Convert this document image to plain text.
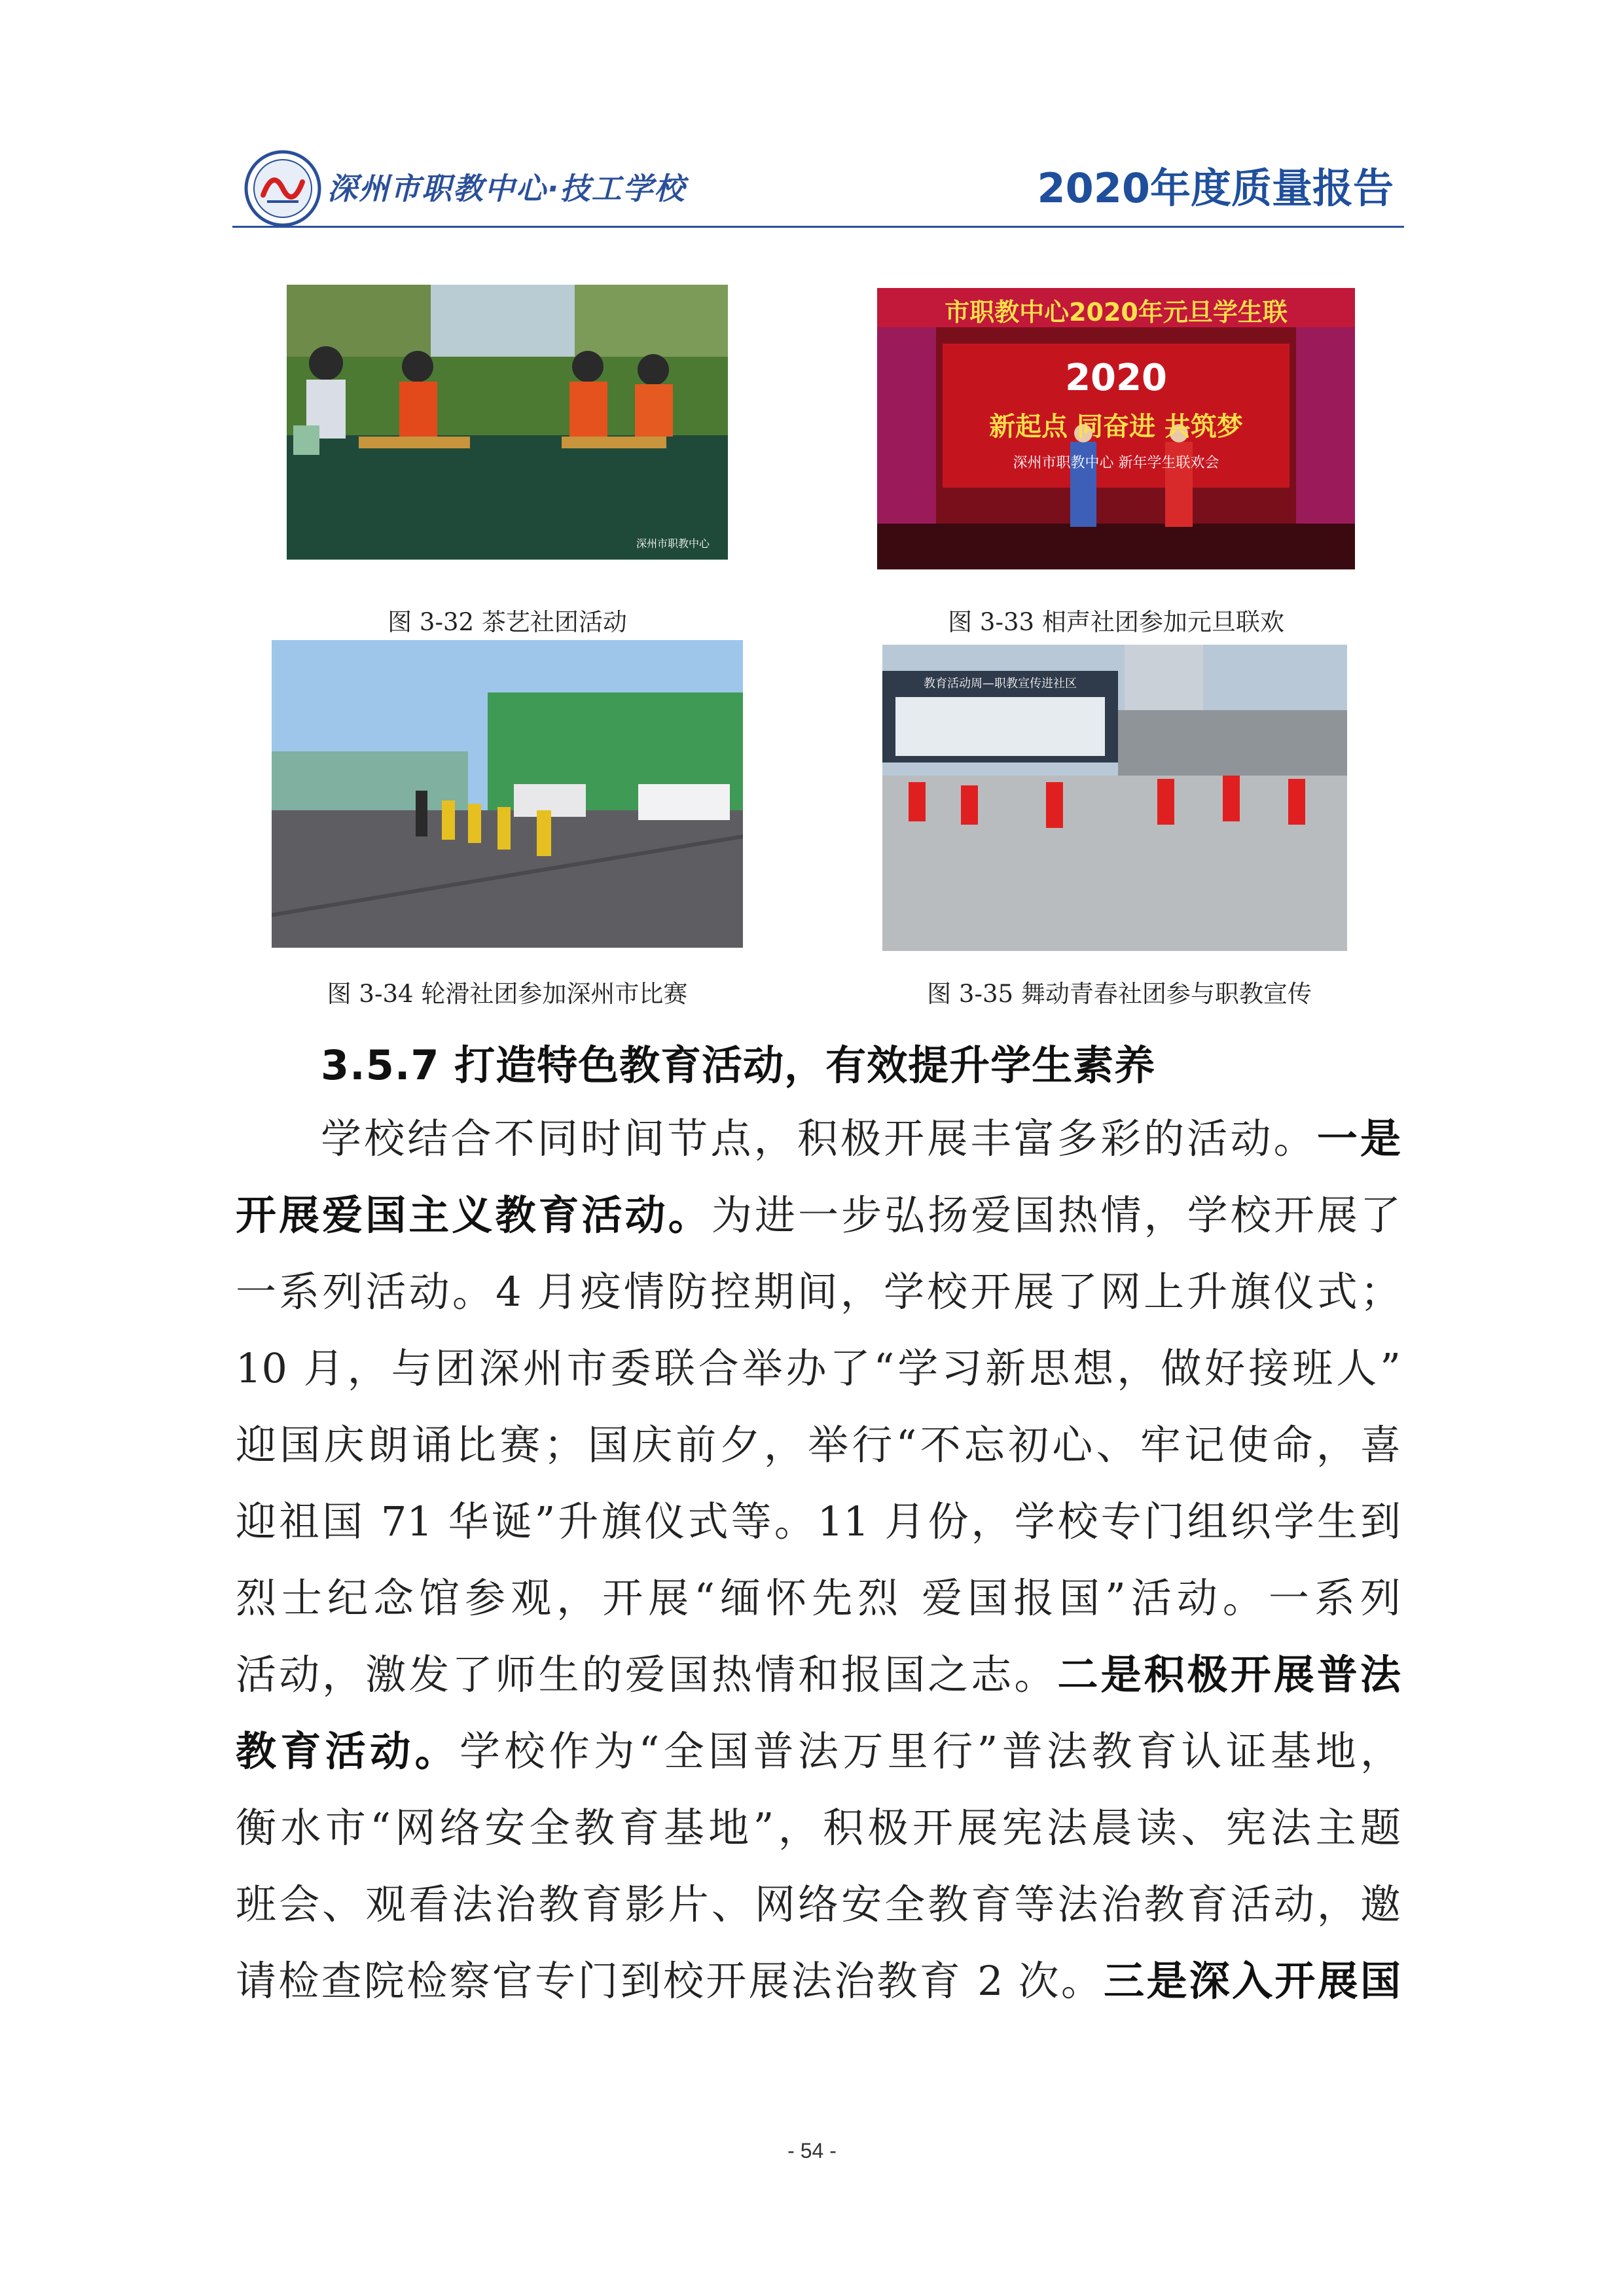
深州市职教中心·技工学校	2020年度质量报告
深州市职教中心
图 3-32 茶艺社团活动
市职教中心2020年元旦学生联
2020
新起点 同奋进 共筑梦
深州市职教中心 新年学生联欢会
图 3-33 相声社团参加元旦联欢
图 3-34 轮滑社团参加深州市比赛
教育活动周—职教宣传进社区
图 3-35 舞动青春社团参与职教宣传
3.5.7 打造特色教育活动，有效提升学生素养
学校结合不同时间节点，积极开展丰富多彩的活动。一是
开展爱国主义教育活动。为进一步弘扬爱国热情，学校开展了
一系列活动。4 月疫情防控期间，学校开展了网上升旗仪式；
10 月，与团深州市委联合举办了“学习新思想，做好接班人”
迎国庆朗诵比赛；国庆前夕，举行“不忘初心、牢记使命，喜
迎祖国 71 华诞”升旗仪式等。11 月份，学校专门组织学生到
烈士纪念馆参观，开展“缅怀先烈 爱国报国”活动。一系列
活动，激发了师生的爱国热情和报国之志。二是积极开展普法
教育活动。学校作为“全国普法万里行”普法教育认证基地，
衡水市“网络安全教育基地”，积极开展宪法晨读、宪法主题
班会、观看法治教育影片、网络安全教育等法治教育活动，邀
请检查院检察官专门到校开展法治教育 2 次。三是深入开展国
- 54 -
